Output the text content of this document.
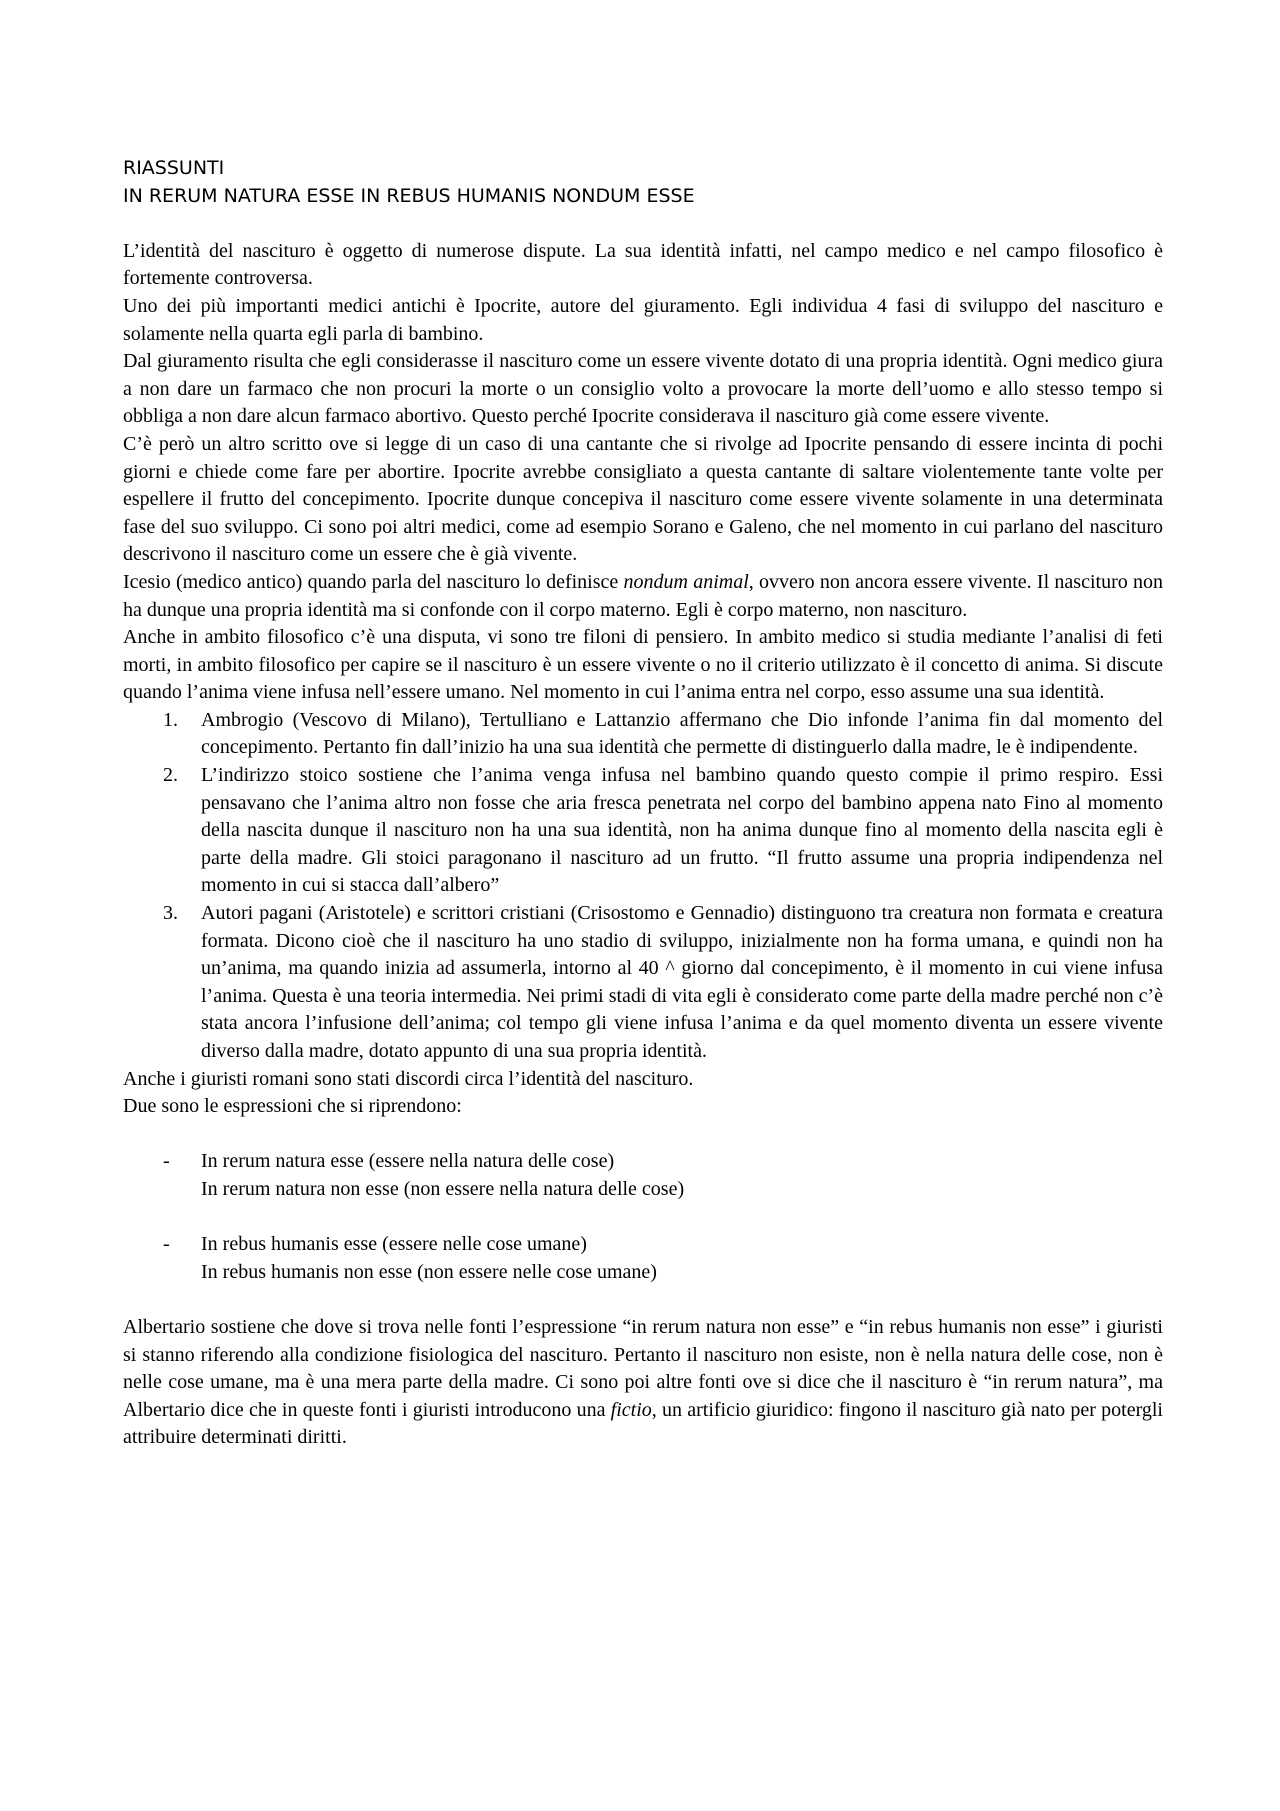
RIASSUNTI
IN RERUM NATURA ESSE IN REBUS HUMANIS NONDUM ESSE

L’identità del nascituro è oggetto di numerose dispute. La sua identità infatti, nel campo medico e nel campo filosofico è fortemente controversa.

Uno dei più importanti medici antichi è Ipocrite, autore del giuramento. Egli individua 4 fasi di sviluppo del nascituro e solamente nella quarta egli parla di bambino.

Dal giuramento risulta che egli considerasse il nascituro come un essere vivente dotato di una propria identità. Ogni medico giura a non dare un farmaco che non procuri la morte o un consiglio volto a provocare la morte dell’uomo e allo stesso tempo si obbliga a non dare alcun farmaco abortivo. Questo perché Ipocrite considerava il nascituro già come essere vivente.

C’è però un altro scritto ove si legge di un caso di una cantante che si rivolge ad Ipocrite pensando di essere incinta di pochi giorni e chiede come fare per abortire. Ipocrite avrebbe consigliato a questa cantante di saltare violentemente tante volte per espellere il frutto del concepimento. Ipocrite dunque concepiva il nascituro come essere vivente solamente in una determinata fase del suo sviluppo. Ci sono poi altri medici, come ad esempio Sorano e Galeno, che nel momento in cui parlano del nascituro descrivono il nascituro come un essere che è già vivente.

Icesio (medico antico) quando parla del nascituro lo definisce nondum animal, ovvero non ancora essere vivente. Il nascituro non ha dunque una propria identità ma si confonde con il corpo materno. Egli è corpo materno, non nascituro.

Anche in ambito filosofico c’è una disputa, vi sono tre filoni di pensiero. In ambito medico si studia mediante l’analisi di feti morti, in ambito filosofico per capire se il nascituro è un essere vivente o no il criterio utilizzato è il concetto di anima. Si discute quando l’anima viene infusa nell’essere umano. Nel momento in cui l’anima entra nel corpo, esso assume una sua identità.

1. Ambrogio (Vescovo di Milano), Tertulliano e Lattanzio affermano che Dio infonde l’anima fin dal momento del concepimento. Pertanto fin dall’inizio ha una sua identità che permette di distinguerlo dalla madre, le è indipendente.
2. L’indirizzo stoico sostiene che l’anima venga infusa nel bambino quando questo compie il primo respiro. Essi pensavano che l’anima altro non fosse che aria fresca penetrata nel corpo del bambino appena nato Fino al momento della nascita dunque il nascituro non ha una sua identità, non ha anima dunque fino al momento della nascita egli è parte della madre. Gli stoici paragonano il nascituro ad un frutto. “Il frutto assume una propria indipendenza nel momento in cui si stacca dall’albero”
3. Autori pagani (Aristotele) e scrittori cristiani (Crisostomo e Gennadio) distinguono tra creatura non formata e creatura formata. Dicono cioè che il nascituro ha uno stadio di sviluppo, inizialmente non ha forma umana, e quindi non ha un’anima, ma quando inizia ad assumerla, intorno al 40 ^ giorno dal concepimento, è il momento in cui viene infusa l’anima. Questa è una teoria intermedia. Nei primi stadi di vita egli è considerato come parte della madre perché non c’è stata ancora l’infusione dell’anima; col tempo gli viene infusa l’anima e da quel momento diventa un essere vivente diverso dalla madre, dotato appunto di una sua propria identità.

Anche i giuristi romani sono stati discordi circa l’identità del nascituro.

Due sono le espressioni che si riprendono:

- In rerum natura esse (essere nella natura delle cose)
In rerum natura non esse (non essere nella natura delle cose)
- In rebus humanis esse (essere nelle cose umane)
In rebus humanis non esse (non essere nelle cose umane)

Albertario sostiene che dove si trova nelle fonti l’espressione “in rerum natura non esse” e “in rebus humanis non esse” i giuristi si stanno riferendo alla condizione fisiologica del nascituro. Pertanto il nascituro non esiste, non è nella natura delle cose, non è nelle cose umane, ma è una mera parte della madre. Ci sono poi altre fonti ove si dice che il nascituro è “in rerum natura”, ma Albertario dice che in queste fonti i giuristi introducono una fictio, un artificio giuridico: fingono il nascituro già nato per potergli attribuire determinati diritti.
